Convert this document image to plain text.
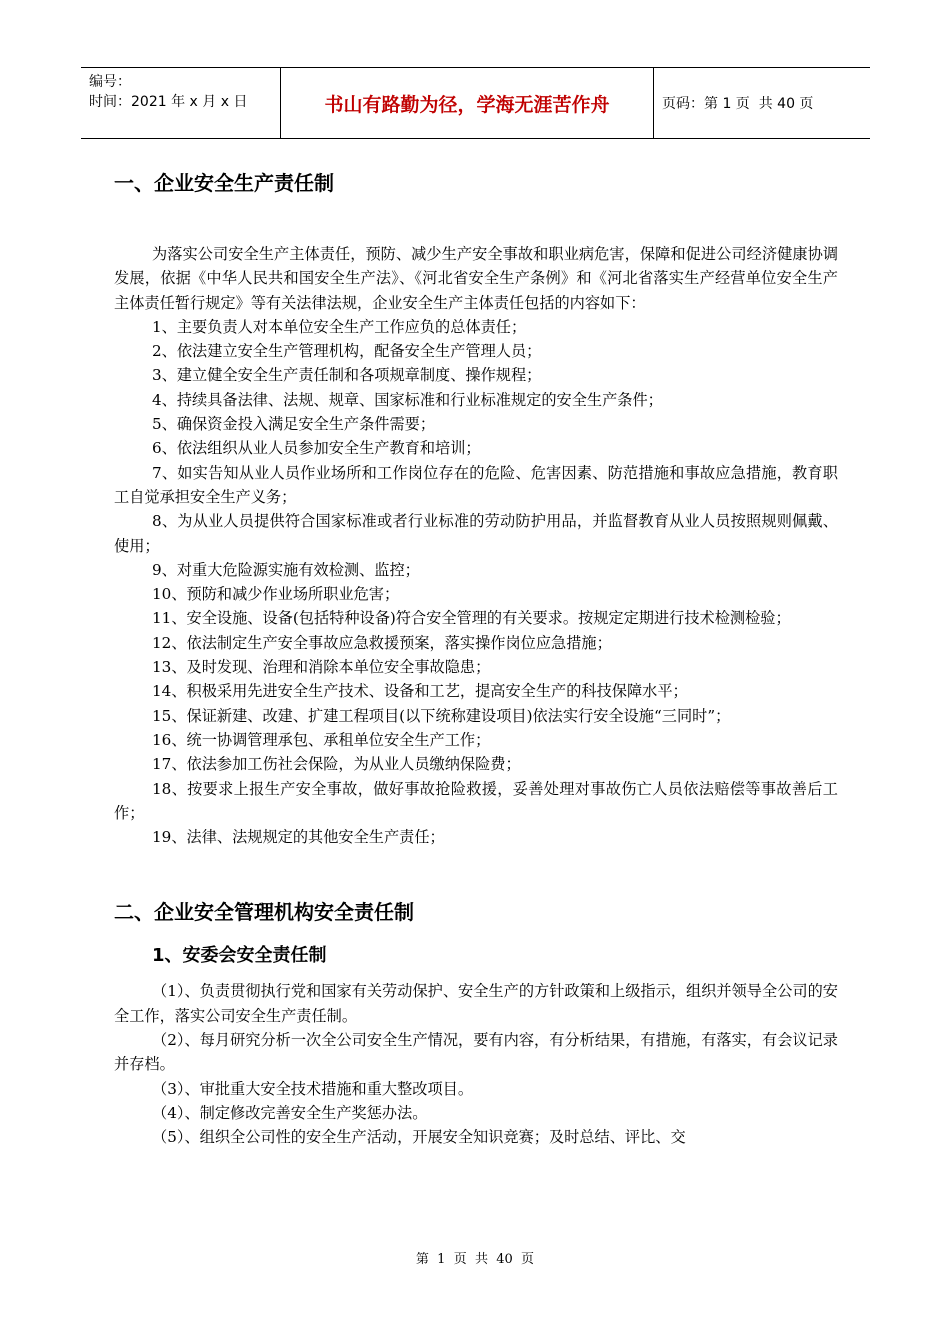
编号：
时间：2021 年 x 月 x 日	书山有路勤为径，学海无涯苦作舟	页码：第 1 页  共 40 页
一、企业安全生产责任制

为落实公司安全生产主体责任，预防、减少生产安全事故和职业病危害，保障和促进公司经济健康协调发展，依据《中华人民共和国安全生产法》、《河北省安全生产条例》和《河北省落实生产经营单位安全生产主体责任暂行规定》等有关法律法规，企业安全生产主体责任包括的内容如下：

1、主要负责人对本单位安全生产工作应负的总体责任；

2、依法建立安全生产管理机构，配备安全生产管理人员；

3、建立健全安全生产责任制和各项规章制度、操作规程；

4、持续具备法律、法规、规章、国家标准和行业标准规定的安全生产条件；

5、确保资金投入满足安全生产条件需要；

6、依法组织从业人员参加安全生产教育和培训；

7、如实告知从业人员作业场所和工作岗位存在的危险、危害因素、防范措施和事故应急措施，教育职工自觉承担安全生产义务；

8、为从业人员提供符合国家标准或者行业标准的劳动防护用品，并监督教育从业人员按照规则佩戴、使用；

9、对重大危险源实施有效检测、监控；

10、预防和减少作业场所职业危害；

11、安全设施、设备(包括特种设备)符合安全管理的有关要求。按规定定期进行技术检测检验；

12、依法制定生产安全事故应急救援预案，落实操作岗位应急措施；

13、及时发现、治理和消除本单位安全事故隐患；

14、积极采用先进安全生产技术、设备和工艺，提高安全生产的科技保障水平；

15、保证新建、改建、扩建工程项目(以下统称建设项目)依法实行安全设施“三同时”；

16、统一协调管理承包、承租单位安全生产工作；

17、依法参加工伤社会保险，为从业人员缴纳保险费；

18、按要求上报生产安全事故，做好事故抢险救援，妥善处理对事故伤亡人员依法赔偿等事故善后工作；

19、法律、法规规定的其他安全生产责任；

二、企业安全管理机构安全责任制
1、安委会安全责任制

（1）、负责贯彻执行党和国家有关劳动保护、安全生产的方针政策和上级指示，组织并领导全公司的安全工作，落实公司安全生产责任制。

（2）、每月研究分析一次全公司安全生产情况，要有内容，有分析结果，有措施，有落实，有会议记录并存档。

（3）、审批重大安全技术措施和重大整改项目。

（4）、制定修改完善安全生产奖惩办法。

（5）、组织全公司性的安全生产活动，开展安全知识竞赛；及时总结、评比、交

第  1  页  共  40  页
